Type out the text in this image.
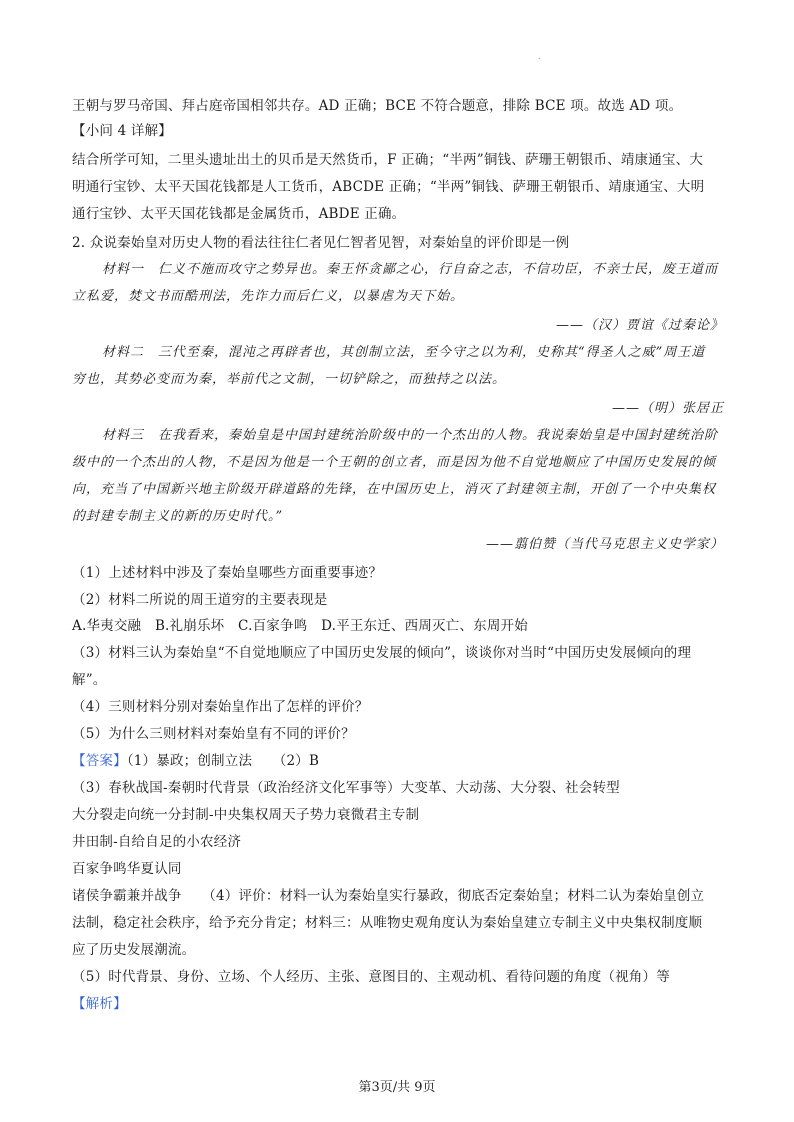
.
王朝与罗马帝国、拜占庭帝国相邻共存。AD 正确；BCE 不符合题意，排除 BCE 项。故选 AD 项。
【小问 4 详解】
结合所学可知，二里头遗址出土的贝币是天然货币，F 正确；“半两”铜钱、萨珊王朝银币、靖康通宝、大
明通行宝钞、太平天国花钱都是人工货币，ABCDE 正确；“半两”铜钱、萨珊王朝银币、靖康通宝、大明
通行宝钞、太平天国花钱都是金属货币，ABDE 正确。
2. 众说秦始皇对历史人物的看法往往仁者见仁智者见智，对秦始皇的评价即是一例
材料一　仁义不施而攻守之势异也。秦王怀贪鄙之心，行自奋之志，不信功臣，不亲士民，废王道而
立私爱，焚文书而酷刑法，先诈力而后仁义，以暴虐为天下始。
——（汉）贾谊《过秦论》
材料二　三代至秦，混沌之再辟者也，其创制立法，至今守之以为利，史称其“得圣人之威”周王道
穷也，其势必变而为秦，举前代之文制，一切铲除之，而独持之以法。
——（明）张居正
材料三　在我看来，秦始皇是中国封建统治阶级中的一个杰出的人物。我说秦始皇是中国封建统治阶
级中的一个杰出的人物，不是因为他是一个王朝的创立者，而是因为他不自觉地顺应了中国历史发展的倾
向，充当了中国新兴地主阶级开辟道路的先锋，在中国历史上，消灭了封建领主制，开创了一个中央集权
的封建专制主义的新的历史时代。”
——翦伯赞（当代马克思主义史学家）
（1）上述材料中涉及了秦始皇哪些方面重要事迹？
（2）材料二所说的周王道穷的主要表现是
A.华夷交融　B.礼崩乐坏　C.百家争鸣　D.平王东迁、西周灭亡、东周开始
（3）材料三认为秦始皇“不自觉地顺应了中国历史发展的倾向”，谈谈你对当时“中国历史发展倾向的理
解”。
（4）三则材料分别对秦始皇作出了怎样的评价？
（5）为什么三则材料对秦始皇有不同的评价？
【答案】（1）暴政；创制立法　　（2）B
（3）春秋战国-秦朝时代背景（政治经济文化军事等）大变革、大动荡、大分裂、社会转型
大分裂走向统一分封制-中央集权周天子势力衰微君主专制
井田制-自给自足的小农经济
百家争鸣华夏认同
诸侯争霸兼并战争　　（4）评价：材料一认为秦始皇实行暴政，彻底否定秦始皇；材料二认为秦始皇创立
法制，稳定社会秩序，给予充分肯定；材料三：从唯物史观角度认为秦始皇建立专制主义中央集权制度顺
应了历史发展潮流。
（5）时代背景、身份、立场、个人经历、主张、意图目的、主观动机、看待问题的角度（视角）等
【解析】
第3页/共 9页
